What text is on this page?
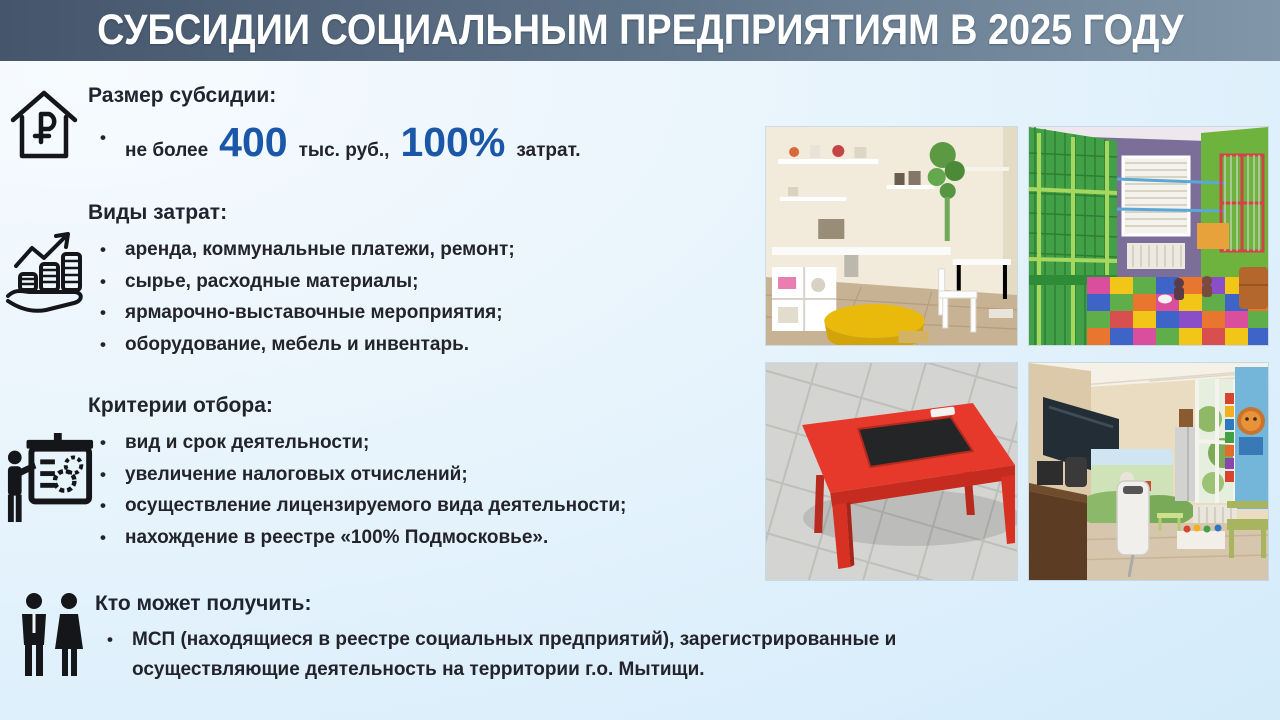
СУБСИДИИ СОЦИАЛЬНЫМ ПРЕДПРИЯТИЯМ В 2025 ГОДУ
Размер субсидии:
• не более 400 тыс. руб., 100% затрат.
Виды затрат:
• аренда, коммунальные платежи, ремонт;
• сырье, расходные материалы;
• ярмарочно-выставочные мероприятия;
• оборудование, мебель и инвентарь.
Критерии отбора:
• вид и срок деятельности;
• увеличение налоговых отчислений;
• осуществление лицензируемого вида деятельности;
• нахождение в реестре «100% Подмосковье».
Кто может получить:
• МСП (находящиеся в реестре социальных предприятий), зарегистрированные и осуществляющие деятельность на территории г.о. Мытищи.
